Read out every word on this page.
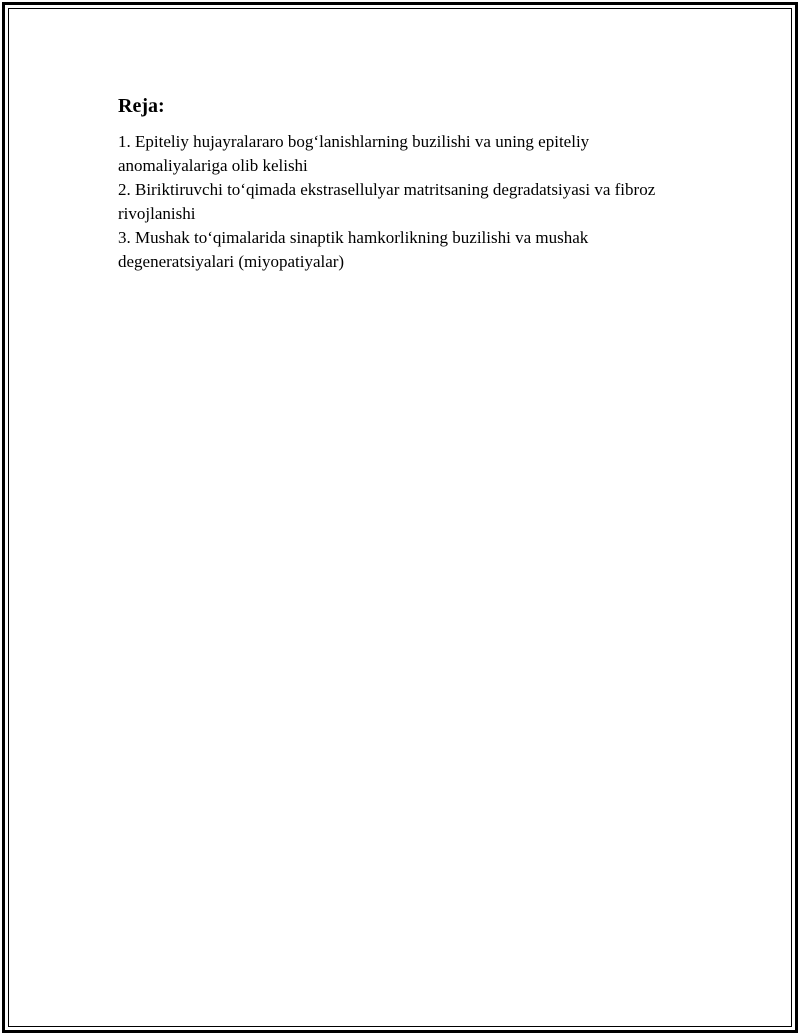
Reja:

1. Epiteliy hujayralararo bog‘lanishlarning buzilishi va uning epiteliy anomaliyalariga olib kelishi

2. Biriktiruvchi to‘qimada ekstrasellulyar matritsaning degradatsiyasi va fibroz rivojlanishi

3. Mushak to‘qimalarida sinaptik hamkorlikning buzilishi va mushak degeneratsiyalari (miyopatiyalar)
